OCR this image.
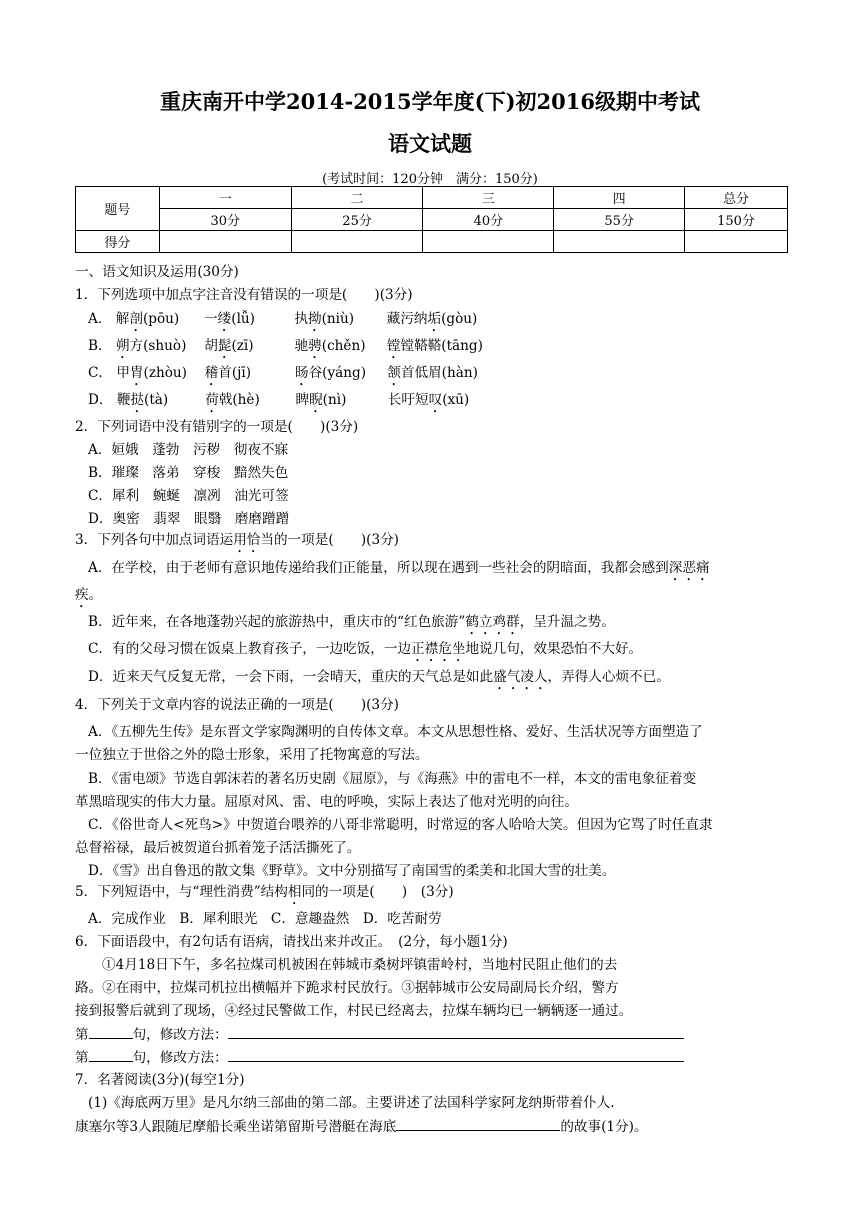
重庆南开中学2014-2015学年度(下)初2016级期中考试
语文试题
(考试时间：120分钟　满分：150分)
题号	一	二	三	四	总分
	30分	25分	40分	55分	150分
得分					
一、语文知识及运用(30分)
1．下列选项中加点字注音没有错误的一项是(　　)(3分)
A． 解剖(pōu) 一缕(lǚ)	执拗(niù) 藏污纳垢(gòu)
B． 朔方(shuò) 胡髭(zī)	驰骋(chěn) 镗镗鞳鞳(tāng)
C． 甲胄(zhòu) 稽首(jī)	旸谷(yáng) 颔首低眉(hàn)
D． 鞭挞(tà)	荷戟(hè)	睥睨(nì)	长吁短叹(xū)
2．下列词语中没有错别字的一项是(　　)(3分)
A．姮娥　蓬勃　污秽　彻夜不寐
B．璀璨　落弟　穿梭　黯然失色
C．犀利　蜿蜒　凛冽　油光可签
D．奥密　翡翠　眼翳　磨磨蹭蹭
3．下列各句中加点词语运用恰当的一项是(　　)(3分)
A．在学校，由于老师有意识地传递给我们正能量，所以现在遇到一些社会的阴暗面，我都会感到深恶痛
疾。
B．近年来，在各地蓬勃兴起的旅游热中，重庆市的“红色旅游”鹤立鸡群，呈升温之势。
C．有的父母习惯在饭桌上教育孩子，一边吃饭，一边正襟危坐地说几句，效果恐怕不大好。
D．近来天气反复无常，一会下雨，一会晴天，重庆的天气总是如此盛气凌人，弄得人心烦不已。
4．下列关于文章内容的说法正确的一项是(　　)(3分)
A．《五柳先生传》是东晋文学家陶渊明的自传体文章。本文从思想性格、爱好、生活状况等方面塑造了
一位独立于世俗之外的隐士形象，采用了托物寓意的写法。
B．《雷电颂》节选自郭沫若的著名历史剧《屈原》，与《海燕》中的雷电不一样，本文的雷电象征着变
革黑暗现实的伟大力量。屈原对风、雷、电的呼唤，实际上表达了他对光明的向往。
C．《俗世奇人<死鸟>》中贺道台喂养的八哥非常聪明，时常逗的客人哈哈大笑。但因为它骂了时任直隶
总督裕禄，最后被贺道台抓着笼子活活撕死了。
D．《雪》出自鲁迅的散文集《野草》。文中分别描写了南国雪的柔美和北国大雪的壮美。
5．下列短语中，与“理性消费”结构相同的一项是(　　)　(3分)
A．完成作业　B．犀利眼光　C．意趣盎然　D．吃苦耐劳
6．下面语段中，有2句话有语病，请找出来并改正。　(2分，每小题1分)
①4月18日下午，多名拉煤司机被困在韩城市桑树坪镇雷岭村，当地村民阻止他们的去
路。②在雨中，拉煤司机拉出横幅并下跪求村民放行。③据韩城市公安局副局长介绍，警方
接到报警后就到了现场，④经过民警做工作，村民已经离去，拉煤车辆均已一辆辆逐一通过。
第	句，修改方法：
第	句，修改方法：
7．名著阅读(3分)(每空1分)
(1)《海底两万里》是凡尔纳三部曲的第二部。主要讲述了法国科学家阿龙纳斯带着仆人.
康塞尔等3人跟随尼摩船长乘坐诺第留斯号潜艇在海底	的故事(1分)。
